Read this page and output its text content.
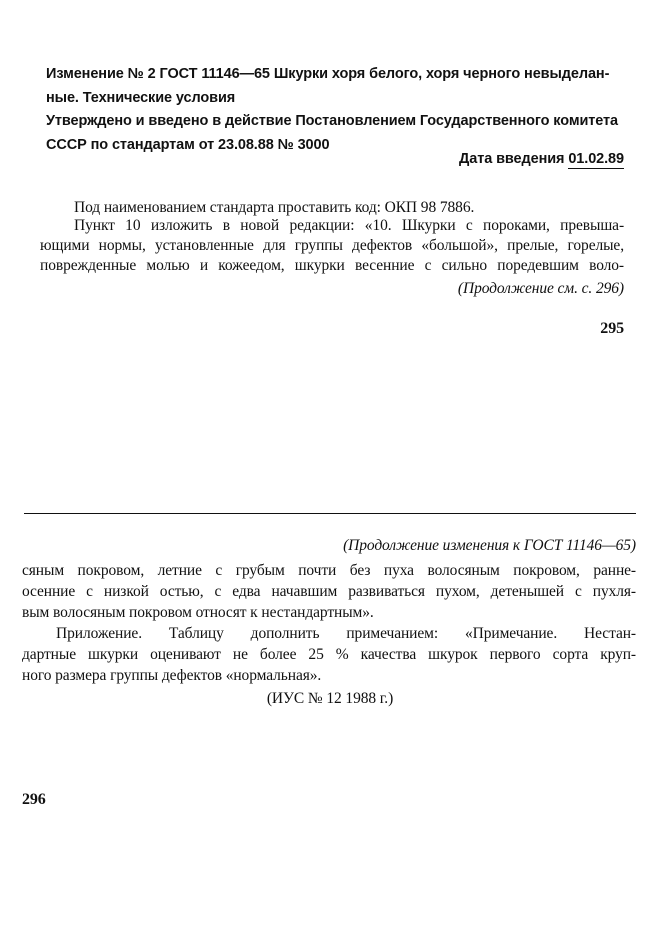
Изменение № 2 ГОСТ 11146—65 Шкурки хоря белого, хоря черного невыделан-
ные. Технические условия
Утверждено и введено в действие Постановлением Государственного комитета
СССР по стандартам от 23.08.88 № 3000
Дата введения 01.02.89
Под наименованием стандарта проставить код: ОКП 98 7886.
Пункт 10 изложить в новой редакции: «10. Шкурки с пороками, превыша-
ющими нормы, установленные для группы дефектов «большой», прелые, горелые,
поврежденные молью и кожеедом, шкурки весенние с сильно поредевшим воло-
(Продолжение см. с. 296)
295
(Продолжение изменения к ГОСТ 11146—65)
сяным покровом, летние с грубым почти без пуха волосяным покровом, ранне-
осенние с низкой остью, с едва начавшим развиваться пухом, детенышей с пухля-
вым волосяным покровом относят к нестандартным».
Приложение. Таблицу дополнить примечанием: «Примечание. Нестан-
дартные шкурки оценивают не более 25 % качества шкурок первого сорта круп-
ного размера группы дефектов «нормальная».
(ИУС № 12 1988 г.)
296
